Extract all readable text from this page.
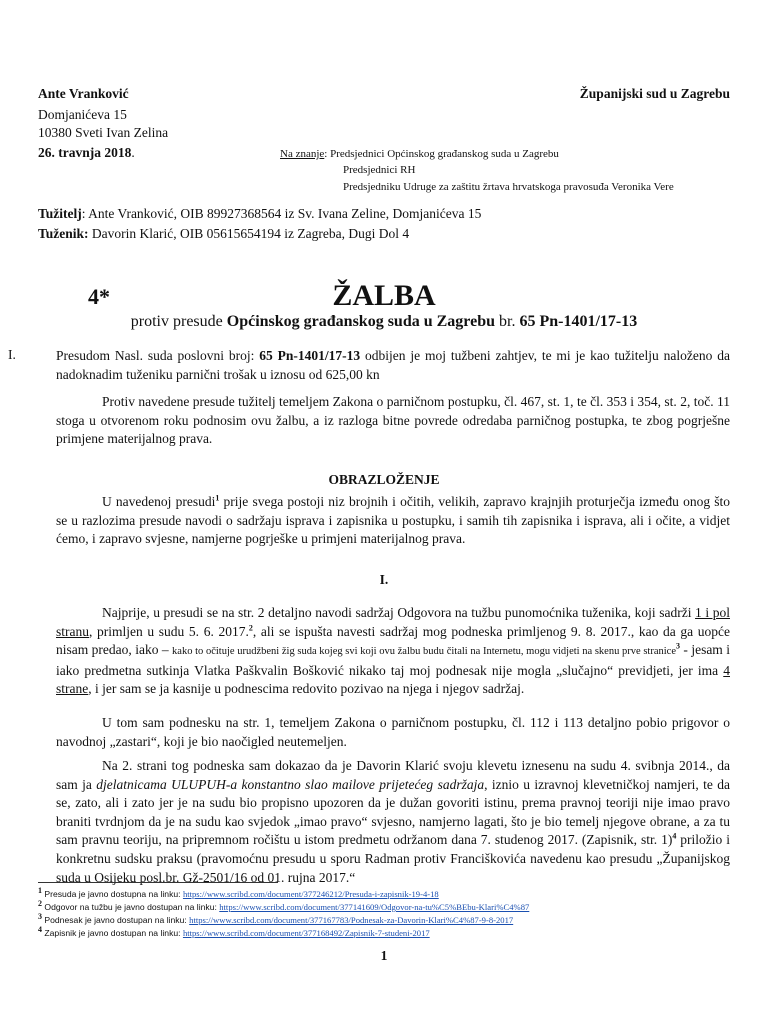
Ante Vranković
Domjanićeva 15
10380 Sveti Ivan Zelina
26. travnja 2018.
Županijski sud u Zagrebu
Na znanje: Predsjednici Općinskog građanskog suda u Zagrebu
Predsjednici RH
Predsjedniku Udruge za zaštitu žrtava hrvatskoga pravosuđa Veronika Vere
Tužitelj: Ante Vranković, OIB 89927368564 iz Sv. Ivana Zeline, Domjanićeva 15
Tuženik: Davorin Klarić, OIB 05615654194 iz Zagreba, Dugi Dol 4
4*	ŽALBA
protiv presude Općinskog građanskog suda u Zagrebu br. 65 Pn-1401/17-13
I.	Presudom Nasl. suda poslovni broj: 65 Pn-1401/17-13 odbijen je moj tužbeni zahtjev, te mi je kao tužitelju naloženo da nadoknadim tuženiku parnični trošak u iznosu od 625,00 kn
Protiv navedene presude tužitelj temeljem Zakona o parničnom postupku, čl. 467, st. 1, te čl. 353 i 354, st. 2, toč. 11 stoga u otvorenom roku podnosim ovu žalbu, a iz razloga bitne povrede odredaba parničnog postupka, te zbog pogrješne primjene materijalnog prava.
OBRAZLOŽENJE
U navedenoj presudi$^1$ prije svega postoji niz brojnih i očitih, velikih, zapravo krajnjih proturječja između onog što se u razlozima presude navodi o sadržaju isprava i zapisnika u postupku, i samih tih zapisnika i isprava, ali i očite, a vidjet ćemo, i zapravo svjesne, namjerne pogrješke u primjeni materijalnog prava.
I.
Najprije, u presudi se na str. 2 detaljno navodi sadržaj Odgovora na tužbu punomoćnika tuženika, koji sadrži 1 i pol stranu, primljen u sudu 5. 6. 2017.$^2$, ali se ispušta navesti sadržaj mog podneska primljenog 9. 8. 2017., kao da ga uopće nisam predao, iako – kako to očituje urudžbeni žig suda kojeg svi koji ovu žalbu budu čitali na Internetu, mogu vidjeti na skenu prve stranice$^3$ - jesam i iako predmetna sutkinja Vlatka Paškvalin Bošković nikako taj moj podnesak nije mogla „slučajno“ previdjeti, jer ima 4 strane, i jer sam se ja kasnije u podnescima redovito pozivao na njega i njegov sadržaj.
U tom sam podnesku na str. 1, temeljem Zakona o parničnom postupku, čl. 112 i 113 detaljno pobio prigovor o navodnoj „zastari“, koji je bio naočigled neutemeljen.
Na 2. strani tog podneska sam dokazao da je Davorin Klarić svoju klevetu iznesenu na sudu 4. svibnja 2014., da sam ja djelatnicama ULUPUH-a konstantno slao mailove prijetećeg sadržaja, iznio u izravnoj klevetničkoj namjeri, te da se, zato, ali i zato jer je na sudu bio propisno upozoren da je dužan govoriti istinu, prema pravnoj teoriji nije imao pravo braniti tvrdnjom da je na sudu kao svjedok „imao pravo“ svjesno, namjerno lagati, što je bio temelj njegove obrane, a za tu sam pravnu teoriju, na pripremnom ročištu u istom predmetu održanom dana 7. studenog 2017. (Zapisnik, str. 1)$^4$ priložio i konkretnu sudsku praksu (pravomoćnu presudu u sporu Radman protiv Franciškovića navedenu kao presudu „Županijskog suda u Osijeku posl.br. Gž-2501/16 od 01. rujna 2017.“
$^1$ Presuda je javno dostupna na linku: https://www.scribd.com/document/377246212/Presuda-i-zapisnik-19-4-18
$^2$ Odgovor na tužbu je javno dostupan na linku: https://www.scribd.com/document/377141609/Odgovor-na-tu%C5%BEbu-Klari%C4%87
$^3$ Podnesak je javno dostupan na linku: https://www.scribd.com/document/377167783/Podnesak-za-Davorin-Klari%C4%87-9-8-2017
$^4$ Zapisnik je javno dostupan na linku: https://www.scribd.com/document/377168492/Zapisnik-7-studeni-2017
1
